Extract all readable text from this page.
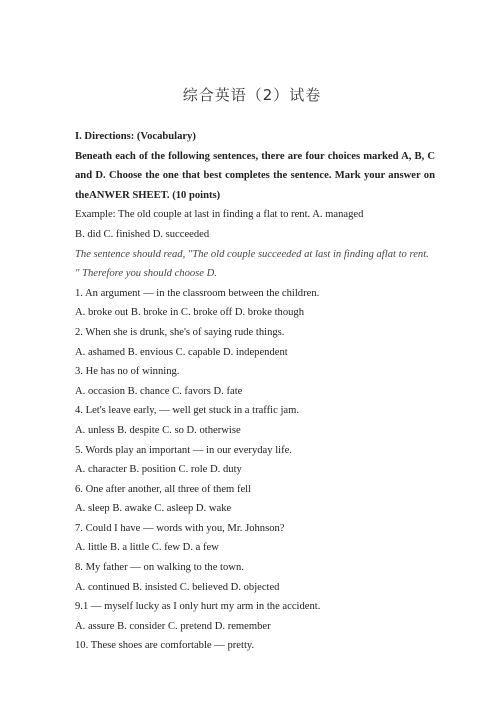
综合英语（2）试卷

I. Directions: (Vocabulary)

Beneath each of the following sentences, there are four choices marked A, B, C and D. Choose the one that best completes the sentence. Mark your answer on theANWER SHEET. (10 points)

Example: The old couple at last in finding a flat to rent. A. managed

B. did C. finished D. succeeded

The sentence should read, "The old couple succeeded at last in finding aflat to rent. " Therefore you should choose D.

1. An argument — in the classroom between the children.

A. broke out B. broke in C. broke off D. broke though

2. When she is drunk, she's of saying rude things.

A. ashamed B. envious C. capable D. independent

3. He has no of winning.

A. occasion B. chance C. favors D. fate

4. Let's leave early, — well get stuck in a traffic jam.

A. unless B. despite C. so D. otherwise

5. Words play an important — in our everyday life.

A. character B. position C. role D. duty

6. One after another, all three of them fell

A. sleep B. awake C. asleep D. wake

7. Could I have — words with you, Mr. Johnson?

A. little B. a little C. few D. a few

8. My father — on walking to the town.

A. continued B. insisted C. believed D. objected

9.1 — myself lucky as I only hurt my arm in the accident.

A. assure B. consider C. pretend D. remember

10. These shoes are comfortable — pretty.
